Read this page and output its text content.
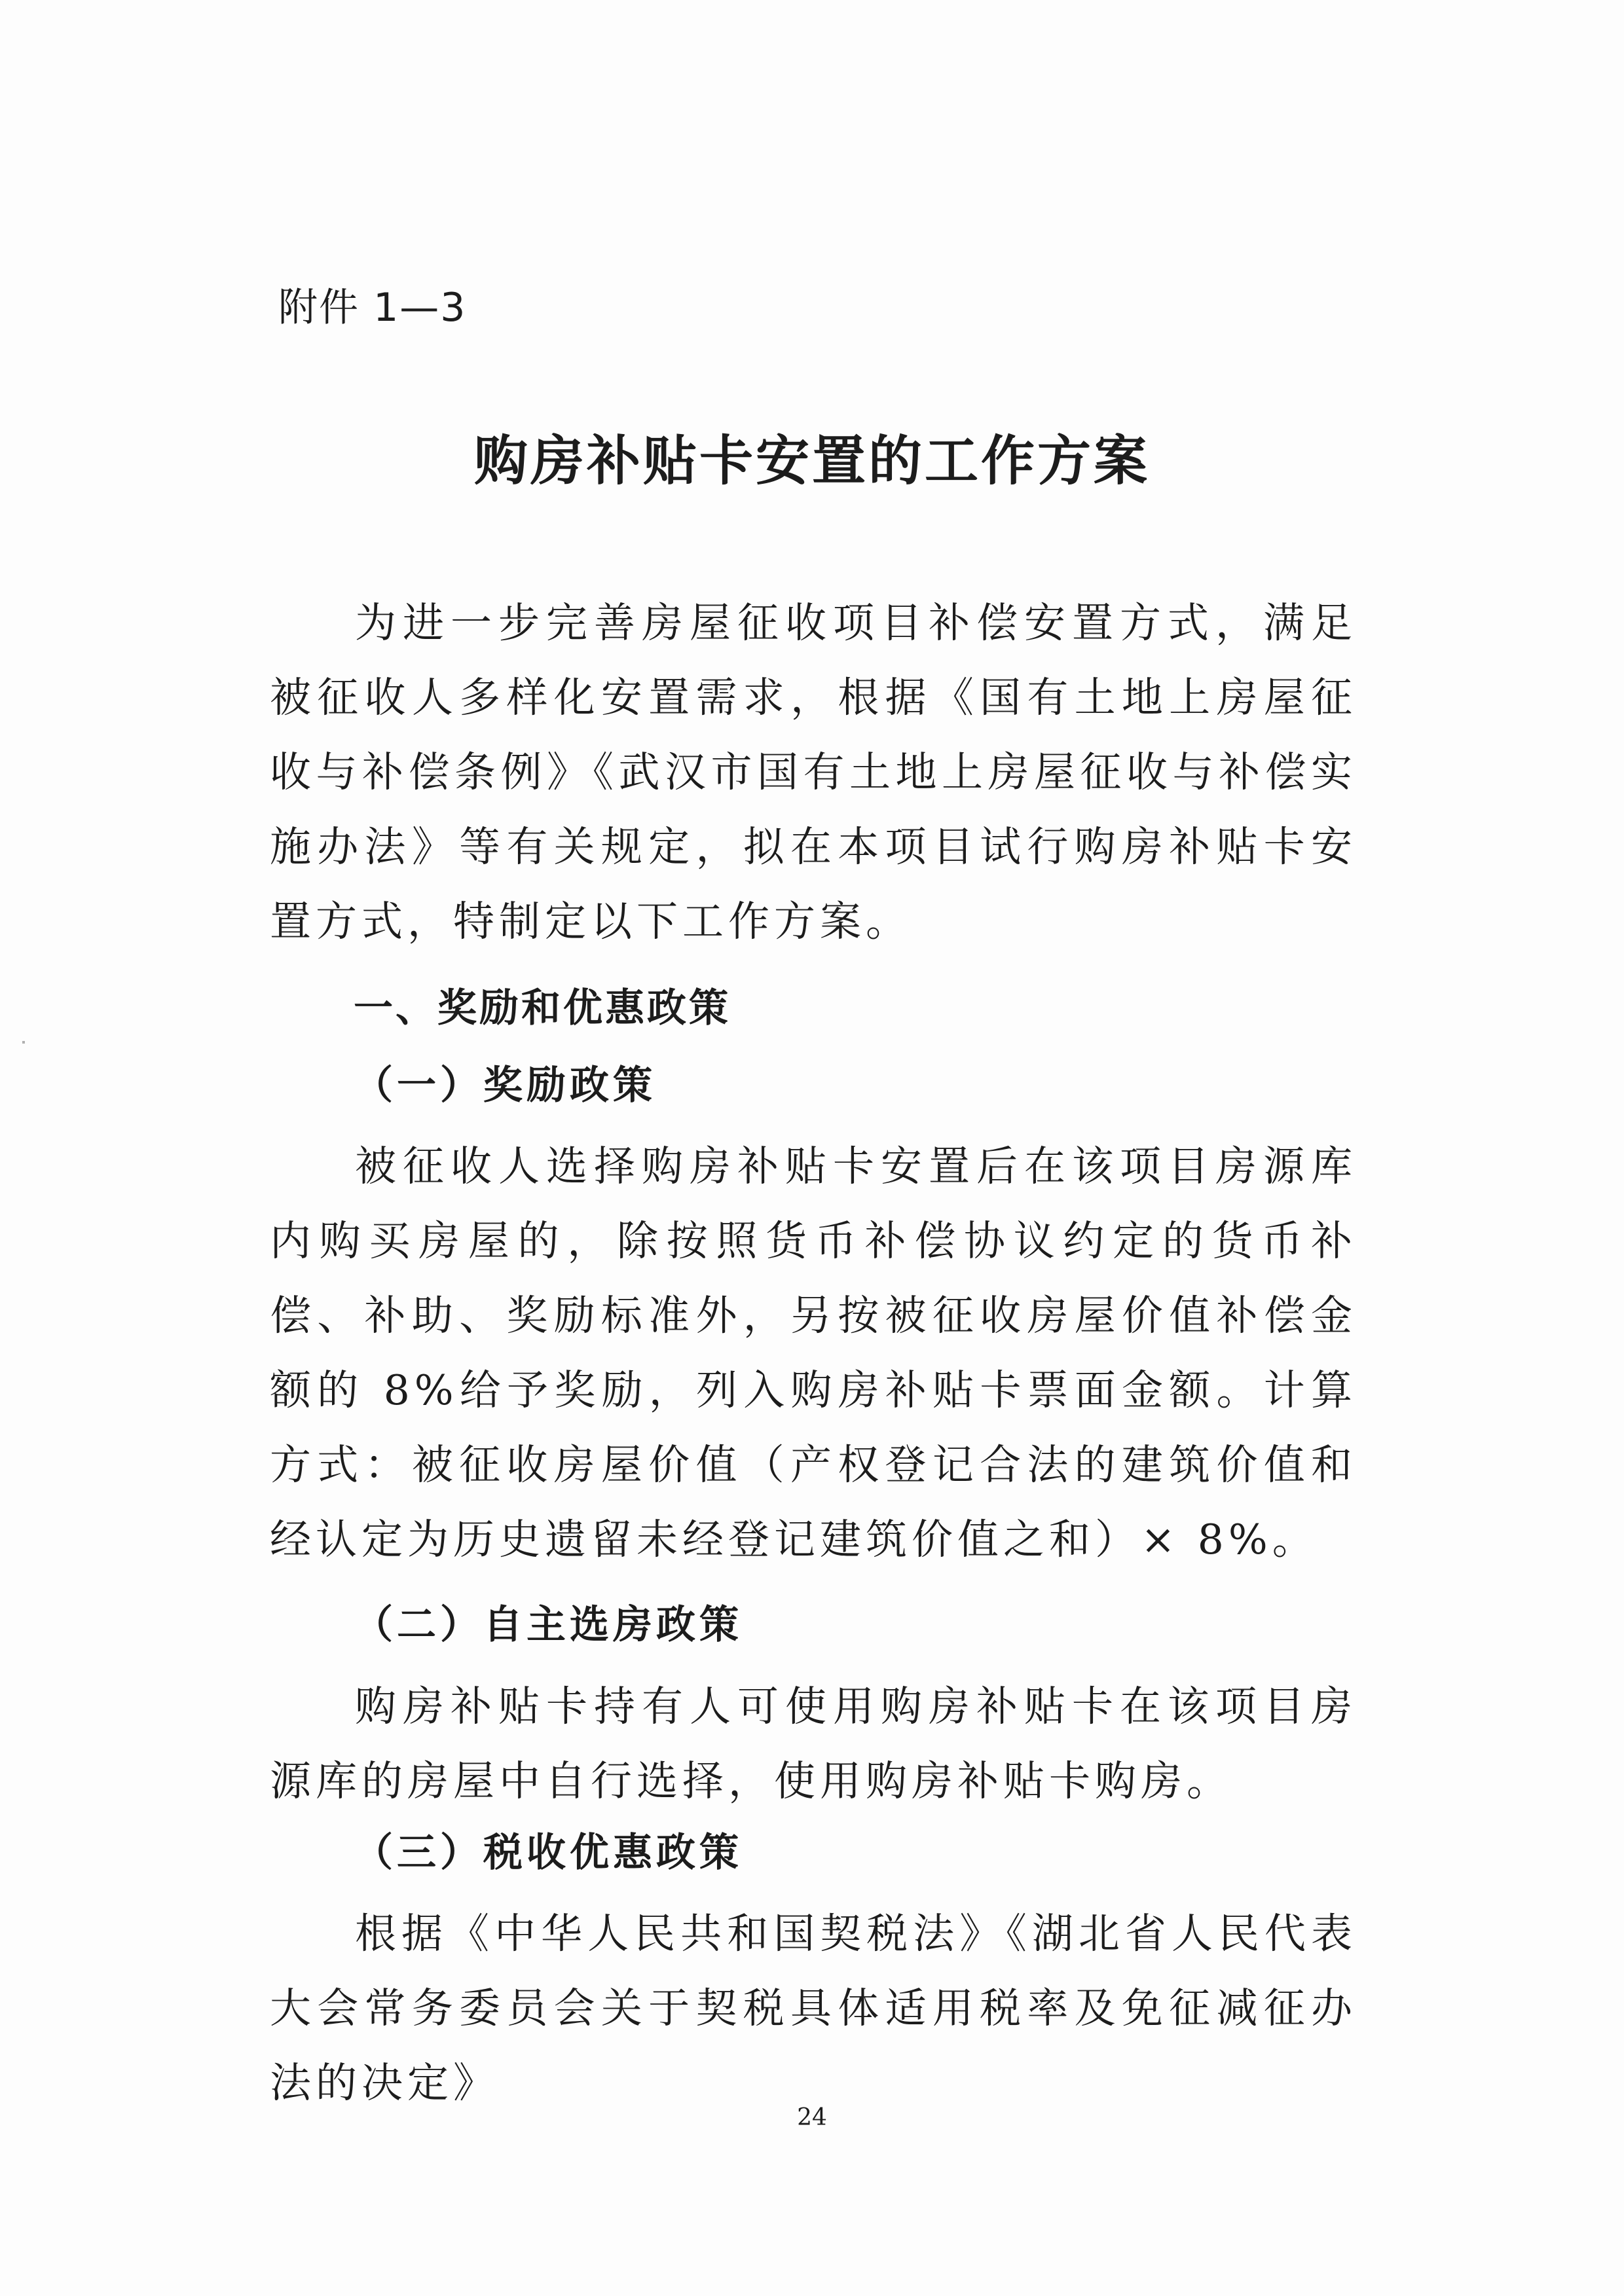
附件 1—3
购房补贴卡安置的工作方案

为进一步完善房屋征收项目补偿安置方式，满足被征收人多样化安置需求，根据《国有土地上房屋征收与补偿条例》《武汉市国有土地上房屋征收与补偿实施办法》等有关规定，拟在本项目试行购房补贴卡安置方式，特制定以下工作方案。

一、奖励和优惠政策
（一）奖励政策

被征收人选择购房补贴卡安置后在该项目房源库内购买房屋的，除按照货币补偿协议约定的货币补偿、补助、奖励标准外，另按被征收房屋价值补偿金额的 8%给予奖励，列入购房补贴卡票面金额。计算方式：被征收房屋价值（产权登记合法的建筑价值和经认定为历史遗留未经登记建筑价值之和）× 8%。

（二）自主选房政策

购房补贴卡持有人可使用购房补贴卡在该项目房源库的房屋中自行选择，使用购房补贴卡购房。

（三）税收优惠政策

根据《中华人民共和国契税法》《湖北省人民代表大会常务委员会关于契税具体适用税率及免征减征办法的决定》

24
